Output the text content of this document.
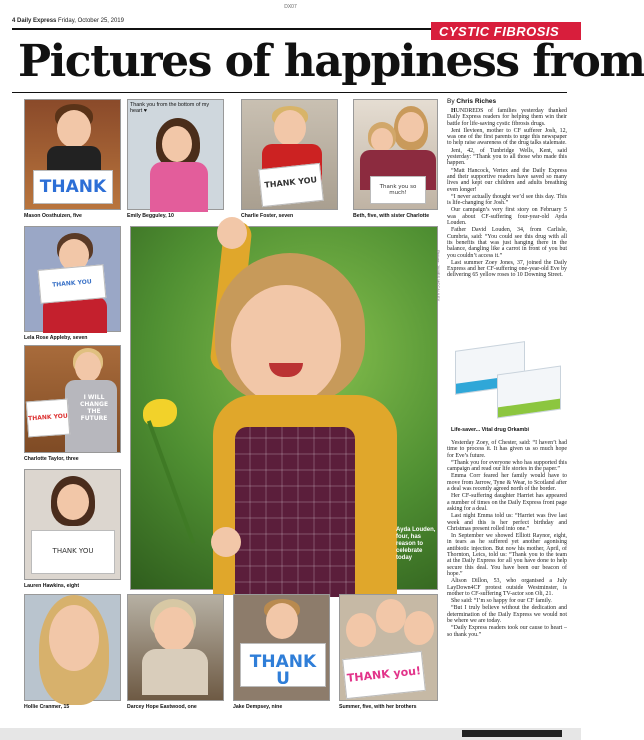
DX07
4 Daily Express Friday, October 25, 2019
CYSTIC FIBROSIS
Pictures of happiness from
THANK
Mason Oosthuizen, five
Thank you from the bottom of my heart ♥
Emily Begguley, 10
THANK YOU
Charlie Foster, seven
Thank you so much!
Beth, five, with sister Charlotte
THANK YOU
Lela Rose Appleby, seven
I WILL CHANGE THE FUTURE
THANK YOU
Charlotte Taylor, three
THANK YOU
Lauren Hawkins, eight
Ayda Louden, four, has reason to celebrate today
Picture: JAMES MCCAULEY
Hollie Cranmer, 15	Darcey Hope Eastwood, one
THANK U
Jake Dempsey, nine
THANK you!
Summer, five, with her brothers
By Chris Riches

HUNDREDS of families yesterday thanked Daily Express readers for helping them win their battle for life-saving cystic fibrosis drugs.

Jeni Ilevieen, mother to CF sufferer Josh, 12, was one of the first parents to urge this newspaper to help raise awareness of the drug talks stalemate.

Jeni, 42, of Tunbridge Wells, Kent, said yesterday: “Thank you to all those who made this happen.

“Matt Hancock, Vertex and the Daily Express and their supportive readers have saved so many lives and kept our children and adults breathing even longer!

“I never actually thought we’d see this day. This is life-changing for Josh.”

Our campaign’s very first story on February 5 was about CF-suffering four-year-old Ayda Louden.

Father David Louden, 34, from Carlisle, Cumbria, said: “You could see this drug with all its benefits that was just hanging there in the balance, dangling like a carrot in front of you but you couldn’t access it.”

Last summer Zoey Jones, 37, joined the Daily Express and her CF-suffering one-year-old Eve by delivering 65 yellow roses to 10 Downing Street.

Life-saver... Vital drug Orkambi

Yesterday Zoey, of Chester, said: “I haven’t had time to process it. It has given us so much hope for Eve’s future.

“Thank you for everyone who has supported this campaign and read our life stories in the paper.”

Emma Corr feared her family would have to move from Jarrow, Tyne & Wear, to Scotland after a deal was recently agreed north of the border.

Her CF-suffering daughter Harriet has appeared a number of times on the Daily Express front page asking for a deal.

Last night Emma told us: “Harriet was five last week and this is her perfect birthday and Christmas present rolled into one.”

In September we showed Elliott Raynor, eight, in tears as he suffered yet another agonising antibiotic injection. But now his mother, April, of Thornton, Leics, told us: “Thank you to the team at the Daily Express for all you have done to help secure this deal. You have been our beacon of hope.”

Alison Dillon, 53, who organised a July LayDown4CF protest outside Westminster, is mother to CF-suffering TV-actor son Oli, 21.

She said: “I’m so happy for our CF family.

“But I truly believe without the dedication and determination of the Daily Express we would not be where we are today.

“Daily Express readers took our cause to heart – so thank you.”
